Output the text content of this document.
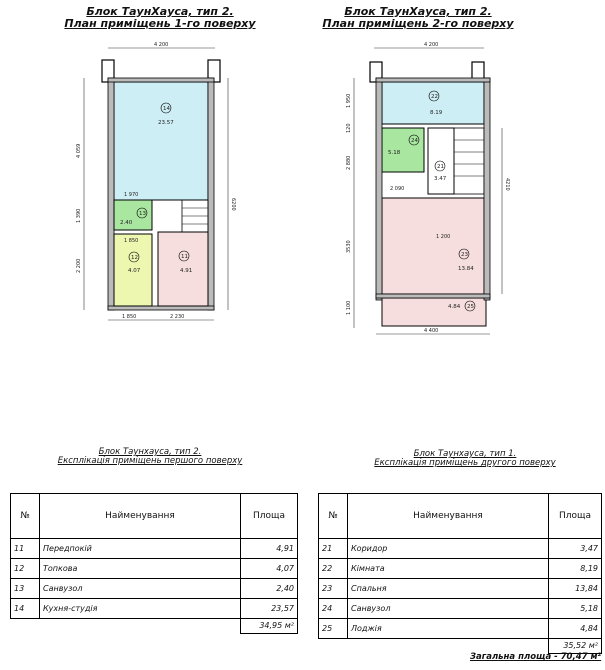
Блок ТаунХауса, тип 2.
План приміщень 1-го поверху
Блок ТаунХауса, тип 2.
План приміщень 2-го поверху
4 200
6200
4 059
1 390
2 200
1 970
1 850
1 850	2 230
14
23.57
13
2.40
12
4.07
11
4.91
4 200
1 950
120
2 880
3530
1 100
4210
2 090
1 200
4 400
22
8.19
24
5.18
21
3.47
23
13.84
25
4.84
Блок Таунхауса, тип 2.
Експлікація приміщень першого поверху
Блок Таунхауса, тип 1.
Експлікація приміщень другого поверху
№	Найменування	Площа
11	Передпокій	4,91
12	Топкова	4,07
13	Санвузол	2,40
14	Кухня-студія	23,57
		34,95 м²
№	Найменування	Площа
21	Коридор	3,47
22	Кімната	8,19
23	Спальня	13,84
24	Санвузол	5,18
25	Лоджія	4,84
		35,52 м²
Загальна площа - 70,47 м²
